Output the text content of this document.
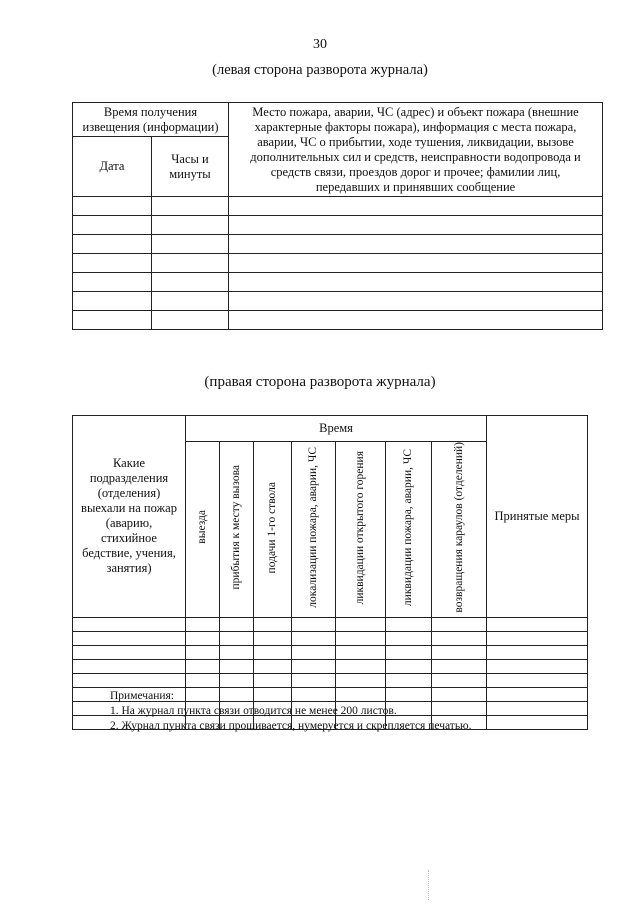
30
(левая сторона разворота журнала)
Время получения извещения (информации)		Место пожара, аварии, ЧС (адрес) и объект пожара (внешние характерные факторы пожара), информация с места пожара, аварии, ЧС о прибытии, ходе тушения, ликвидации, вызове дополнительных сил и средств, неисправности водопровода и средств связи, проездов дорог и прочее; фамилии лиц, передавших и принявших сообщение
Дата	Часы и минуты	

(правая сторона разворота журнала)
Какие подразделения (отделения) выехали на пожар (аварию, стихийное бедствие, учения, занятия)	Время							Принятые меры
	выезда	прибытия к месту вызова	подачи 1-го ствола	локализации пожара, аварии, ЧС	ликвидации открытого горения	ликвидации пожара, аварии, ЧС	возвращения караулов (отделений)	

Примечания:
1. На журнал пункта связи отводится не менее 200 листов.
2. Журнал пункта связи прошивается, нумеруется и скрепляется печатью.
